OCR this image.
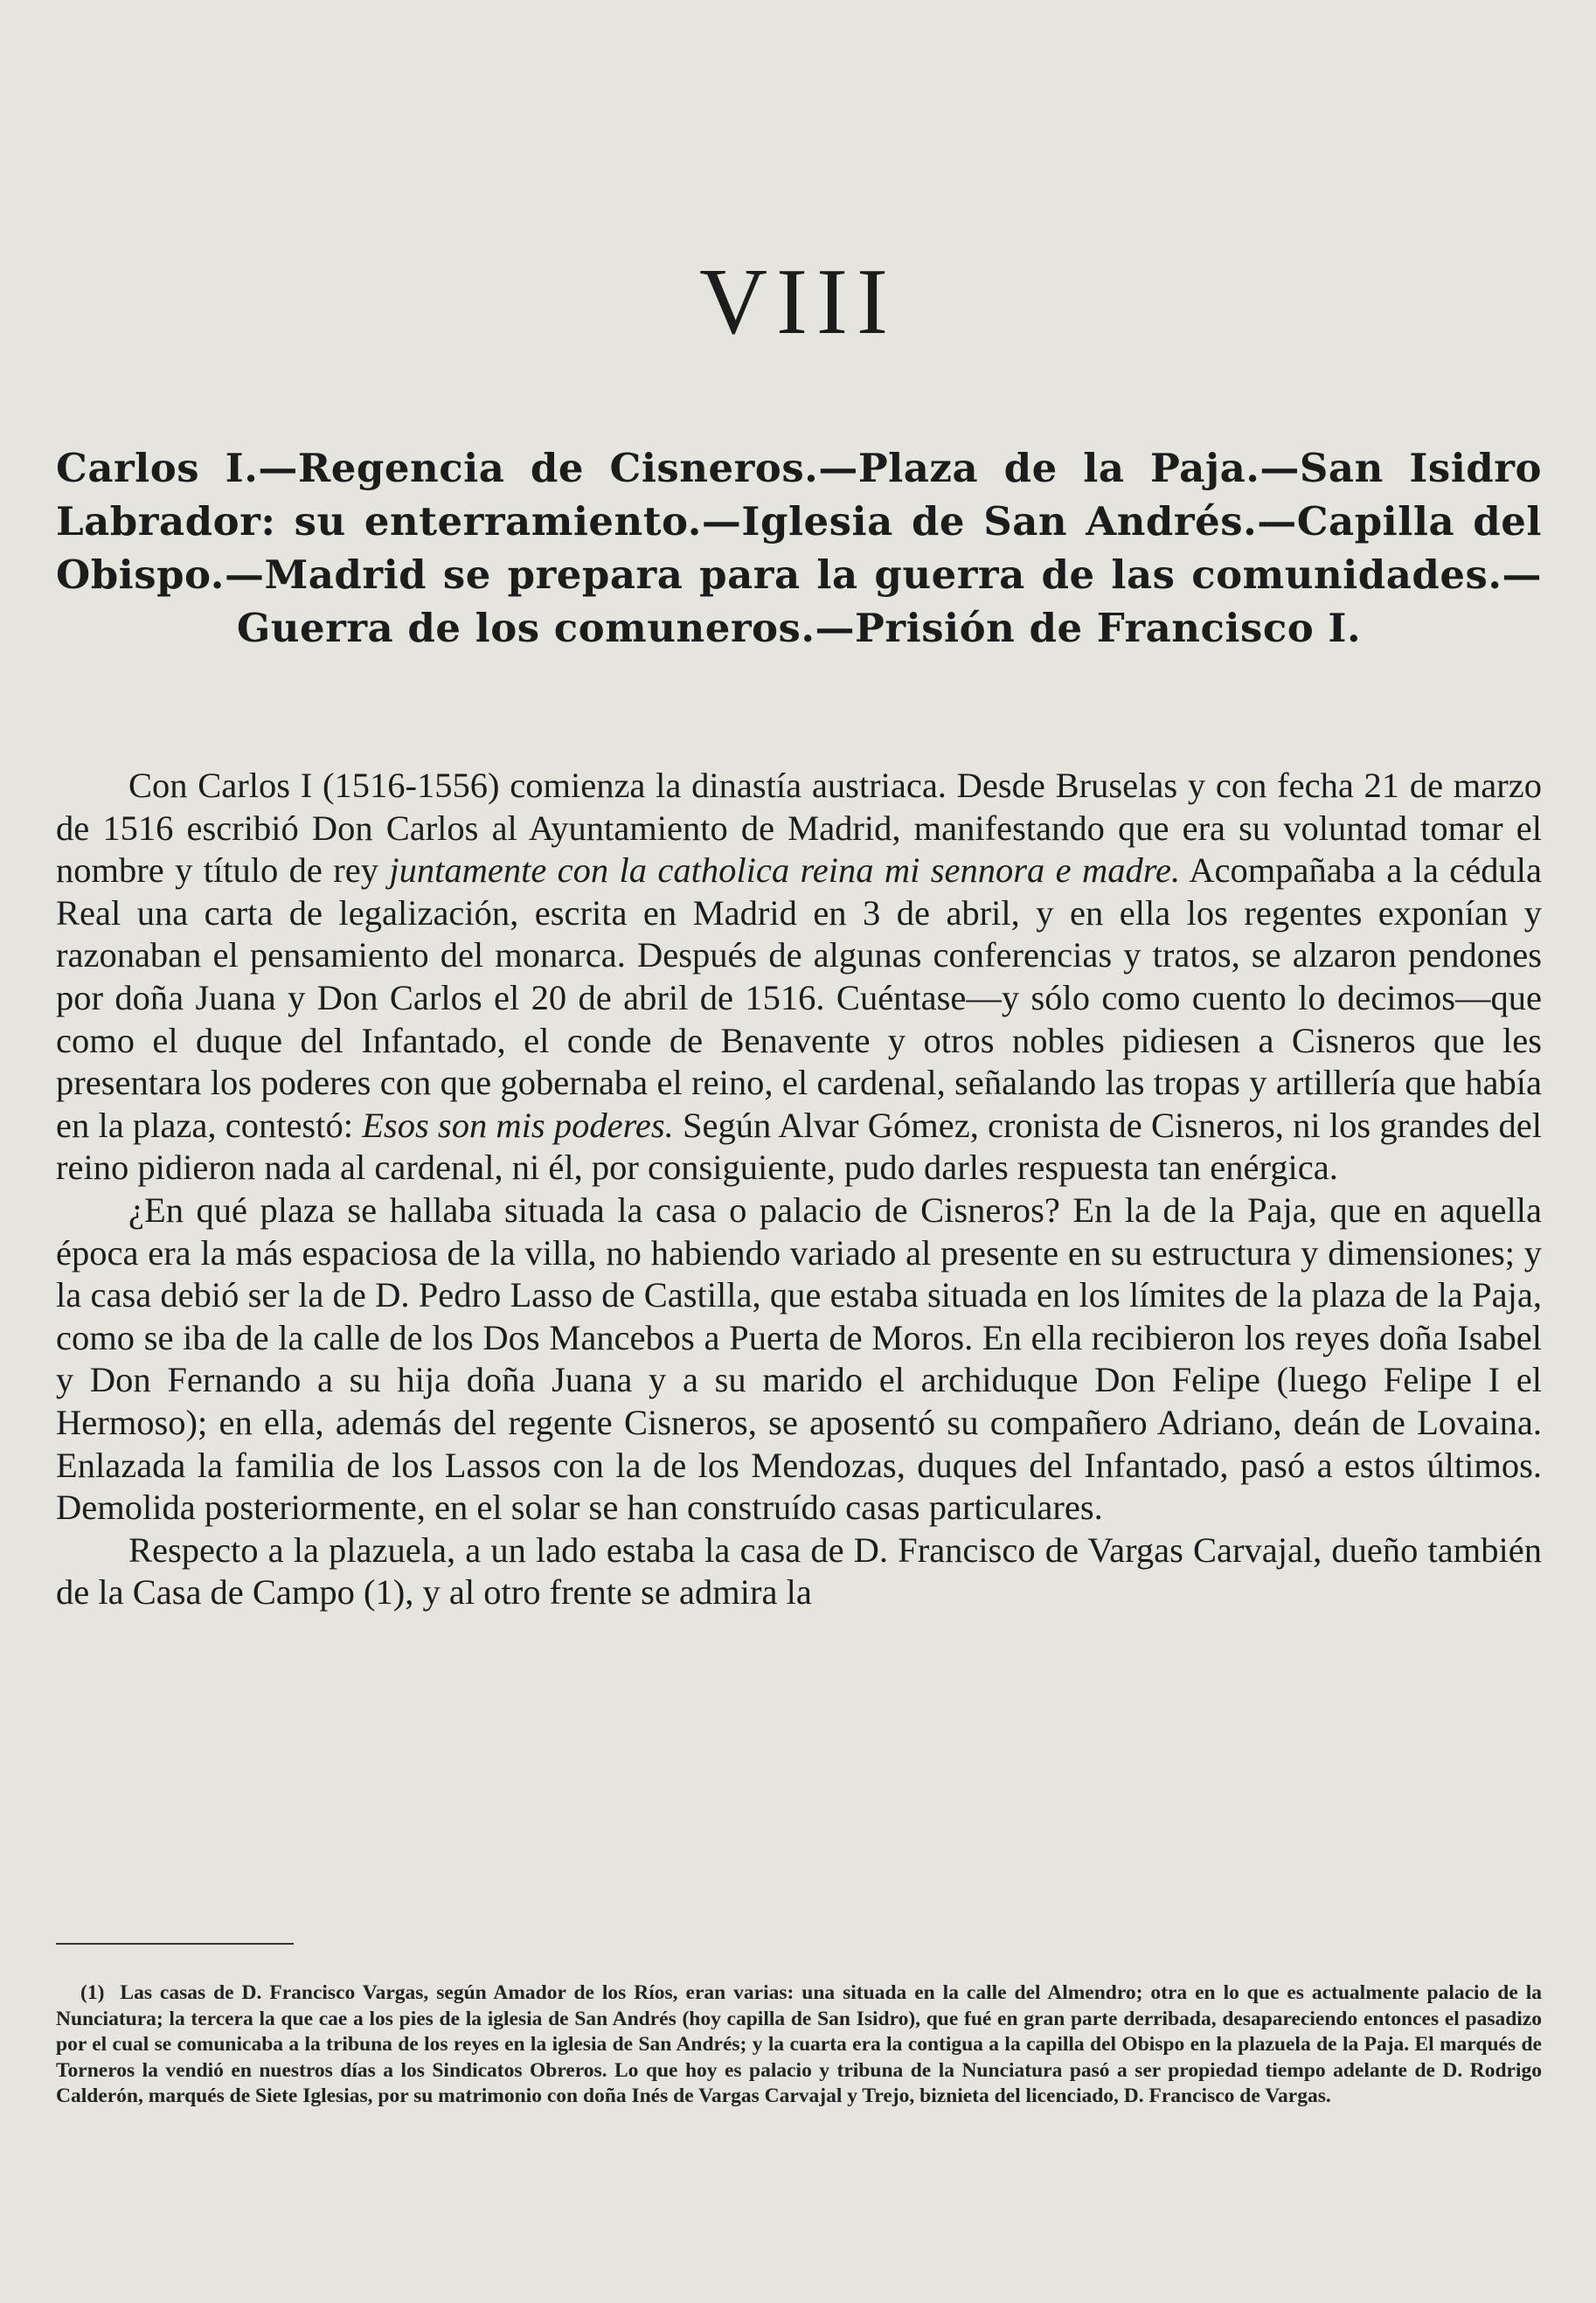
VIII
Carlos I.—Regencia de Cisneros.—Plaza de la Paja.—San Isidro Labrador: su enterramiento.—Iglesia de San Andrés.—Capilla del Obispo.—Madrid se prepara para la guerra de las comunidades.—Guerra de los comuneros.—Prisión de Francisco I.

Con Carlos I (1516-1556) comienza la dinastía austriaca. Desde Bruselas y con fecha 21 de marzo de 1516 escribió Don Carlos al Ayuntamiento de Madrid, manifestando que era su voluntad tomar el nombre y título de rey juntamente con la catholica reina mi sennora e madre. Acompañaba a la cédula Real una carta de legalización, escrita en Madrid en 3 de abril, y en ella los regentes exponían y razonaban el pensamiento del monarca. Después de algunas conferencias y tratos, se alzaron pendones por doña Juana y Don Carlos el 20 de abril de 1516. Cuéntase—y sólo como cuento lo decimos—que como el duque del Infantado, el conde de Benavente y otros nobles pidiesen a Cisneros que les presentara los poderes con que gobernaba el reino, el cardenal, señalando las tropas y artillería que había en la plaza, contestó: Esos son mis poderes. Según Alvar Gómez, cronista de Cisneros, ni los grandes del reino pidieron nada al cardenal, ni él, por consiguiente, pudo darles respuesta tan enérgica.

¿En qué plaza se hallaba situada la casa o palacio de Cisneros? En la de la Paja, que en aquella época era la más espaciosa de la villa, no habiendo variado al presente en su estructura y dimensiones; y la casa debió ser la de D. Pedro Lasso de Castilla, que estaba situada en los límites de la plaza de la Paja, como se iba de la calle de los Dos Mancebos a Puerta de Moros. En ella recibieron los reyes doña Isabel y Don Fernando a su hija doña Juana y a su marido el archiduque Don Felipe (luego Felipe I el Hermoso); en ella, además del regente Cisneros, se aposentó su compañero Adriano, deán de Lovaina. Enlazada la familia de los Lassos con la de los Mendozas, duques del Infantado, pasó a estos últimos. Demolida posteriormente, en el solar se han construído casas particulares.

Respecto a la plazuela, a un lado estaba la casa de D. Francisco de Vargas Carvajal, dueño también de la Casa de Campo (1), y al otro frente se admira la

(1) Las casas de D. Francisco Vargas, según Amador de los Ríos, eran varias: una situada en la calle del Almendro; otra en lo que es actualmente palacio de la Nunciatura; la tercera la que cae a los pies de la iglesia de San Andrés (hoy capilla de San Isidro), que fué en gran parte derribada, desapareciendo entonces el pasadizo por el cual se comunicaba a la tribuna de los reyes en la iglesia de San Andrés; y la cuarta era la contigua a la capilla del Obispo en la plazuela de la Paja. El marqués de Torneros la vendió en nuestros días a los Sindicatos Obreros. Lo que hoy es palacio y tribuna de la Nunciatura pasó a ser propiedad tiempo adelante de D. Rodrigo Calderón, marqués de Siete Iglesias, por su matrimonio con doña Inés de Vargas Carvajal y Trejo, biznieta del licenciado, D. Francisco de Vargas.
